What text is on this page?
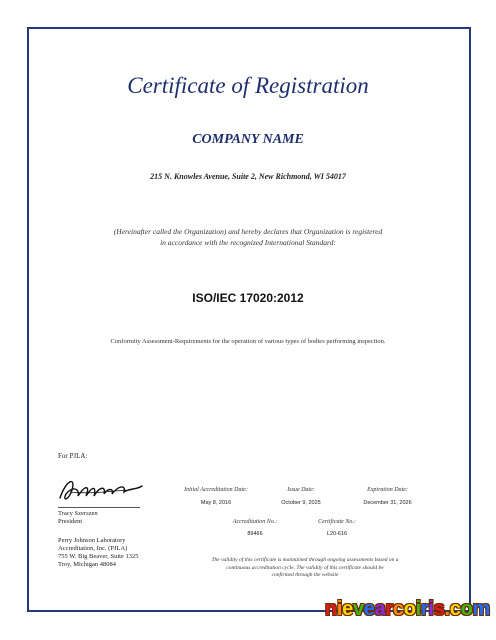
Certificate of Registration
COMPANY NAME
215 N. Knowles Avenue, Suite 2, New Richmond, WI 54017
(Hereinafter called the Organization) and hereby declares that Organization is registered
in accordance with the recognized International Standard:
ISO/IEC 17020:2012
Conformity Assessment-Requirements for the operation of various types of bodies performing inspection.
For PJLA:
Tracy Szerszen
President
Perry Johnson Laboratory
Accreditation, Inc. (PJLA)
755 W. Big Beaver, Suite 1325
Troy, Michigan 48084
Initial Accreditation Date:
May 8, 2016
Issue Date:
October 9, 2025
Expiration Date:
December 31, 2026
Accreditation No.:
89466
Certificate No.:
L20-616
The validity of this certificate is maintained through ongoing assessments based on a
continuous accreditation cycle. The validity of this certificate should be
confirmed through the website
nievearcoiris.com
